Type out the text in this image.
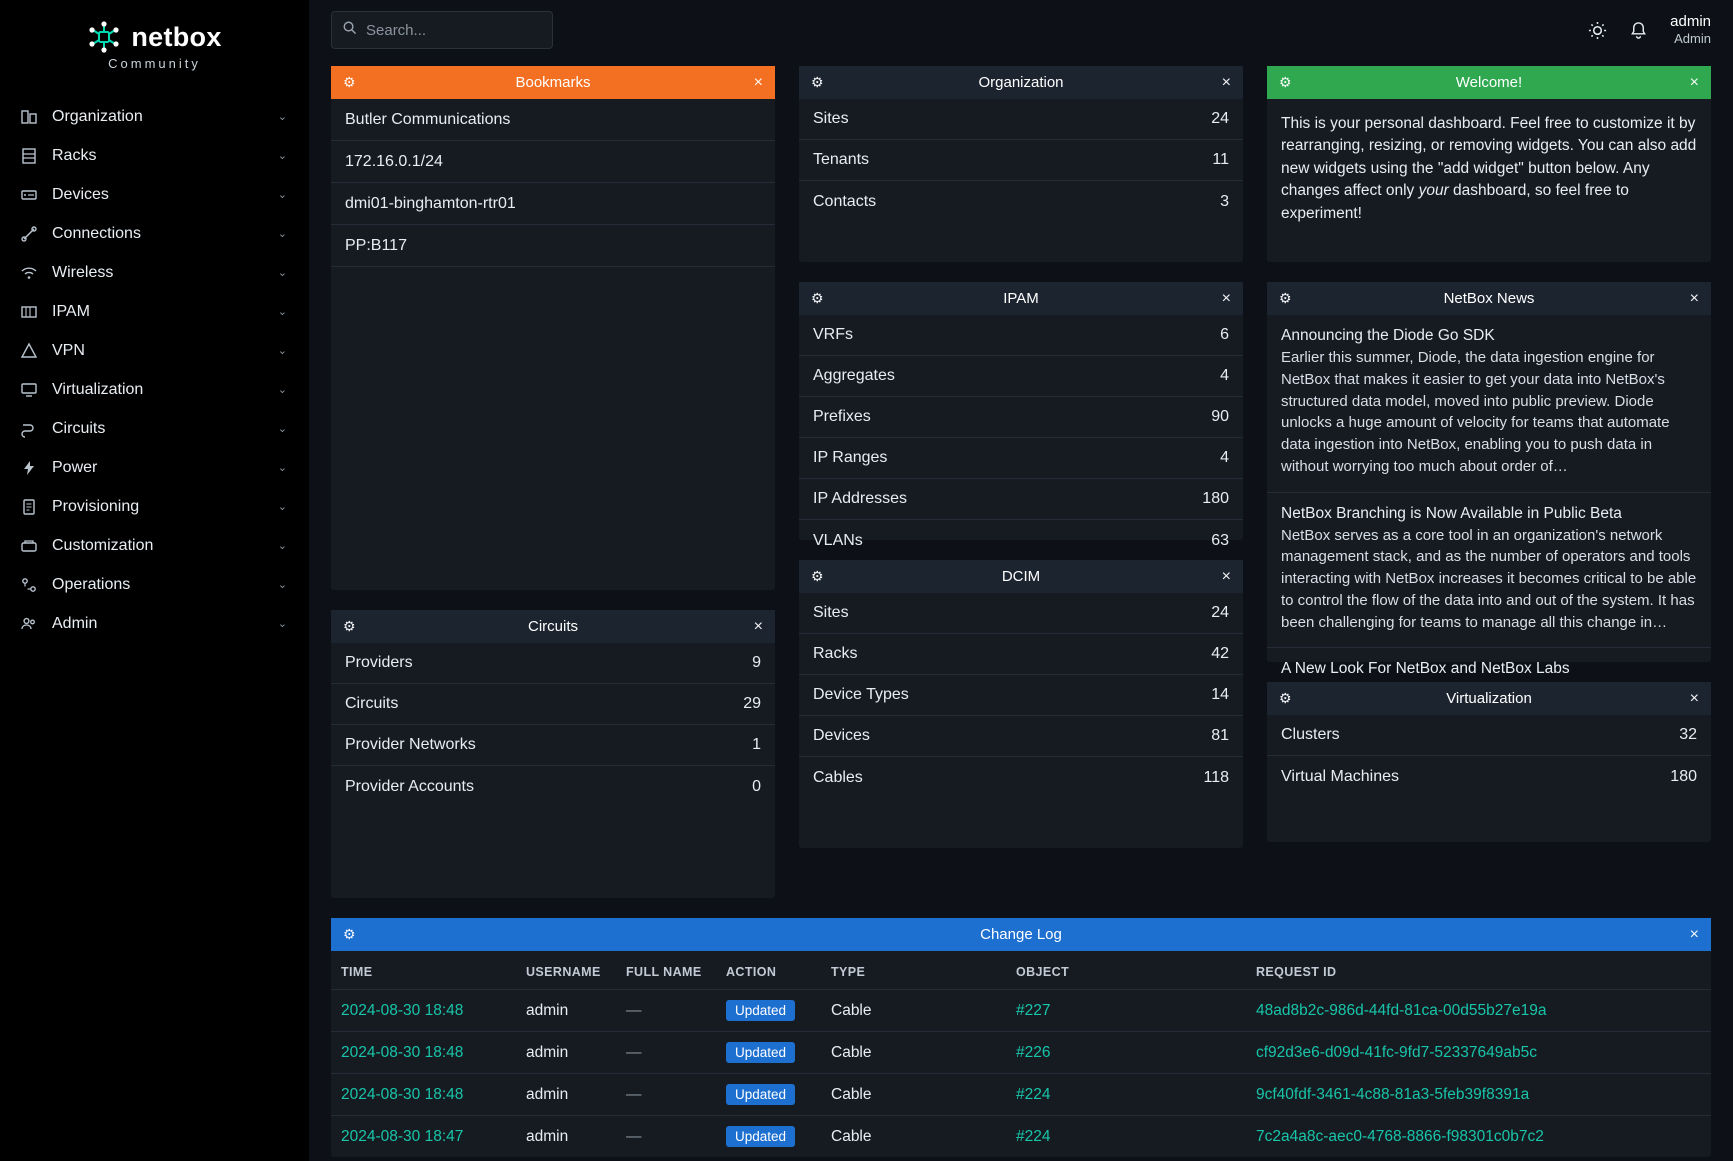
netbox
Community
Organization	⌄
Racks	⌄
Devices	⌄
Connections	⌄
Wireless	⌄
IPAM	⌄
VPN	⌄
Virtualization	⌄
Circuits	⌄
Power	⌄
Provisioning	⌄
Customization	⌄
Operations	⌄
Admin	⌄
Search...
admin
Admin
⚙	Bookmarks	×
Butler Communications
172.16.0.1/24
dmi01-binghamton-rtr01
PP:B117
⚙	Circuits	×
Providers	9
Circuits	29
Provider Networks	1
Provider Accounts	0
⚙	Organization	×
Sites	24
Tenants	11
Contacts	3
⚙	IPAM	×
VRFs	6
Aggregates	4
Prefixes	90
IP Ranges	4
IP Addresses	180
VLANs	63
⚙	DCIM	×
Sites	24
Racks	42
Device Types	14
Devices	81
Cables	118
⚙	Welcome!	×
This is your personal dashboard. Feel free to customize it by rearranging, resizing, or removing widgets. You can also add new widgets using the "add widget" button below. Any changes affect only your dashboard, so feel free to experiment!
⚙	NetBox News	×
Announcing the Diode Go SDK
Earlier this summer, Diode, the data ingestion engine for NetBox that makes it easier to get your data into NetBox's structured data model, moved into public preview. Diode unlocks a huge amount of velocity for teams that automate data ingestion into NetBox, enabling you to push data in without worrying too much about order of…
NetBox Branching is Now Available in Public Beta
NetBox serves as a core tool in an organization's network management stack, and as the number of operators and tools interacting with NetBox increases it becomes critical to be able to control the flow of the data into and out of the system. It has been challenging for teams to manage all this change in…
A New Look For NetBox and NetBox Labs
⚙	Virtualization	×
Clusters	32
Virtual Machines	180
⚙	Change Log	×
TIME	USERNAME	FULL NAME	ACTION	TYPE	OBJECT	REQUEST ID
2024-08-30 18:48	admin	—	Updated	Cable	#227	48ad8b2c-986d-44fd-81ca-00d55b27e19a
2024-08-30 18:48	admin	—	Updated	Cable	#226	cf92d3e6-d09d-41fc-9fd7-52337649ab5c
2024-08-30 18:48	admin	—	Updated	Cable	#224	9cf40fdf-3461-4c88-81a3-5feb39f8391a
2024-08-30 18:47	admin	—	Updated	Cable	#224	7c2a4a8c-aec0-4768-8866-f98301c0b7c2
